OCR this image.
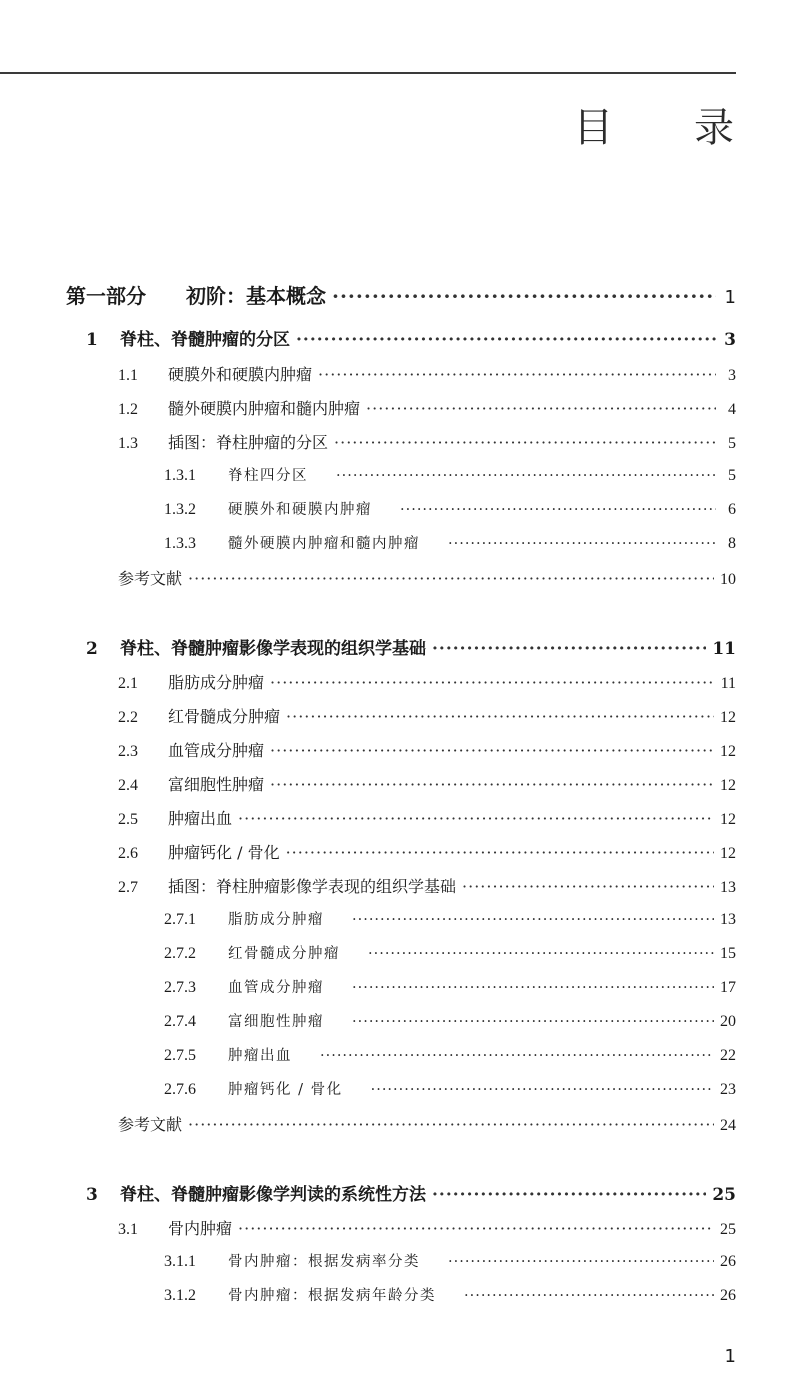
目 录
第一部分	初阶：基本概念 ·····	1
1	脊柱、脊髓肿瘤的分区 ·····	3
1.1	硬膜外和硬膜内肿瘤 ·····	3
1.2	髓外硬膜内肿瘤和髓内肿瘤 ·····	4
1.3	插图：脊柱肿瘤的分区 ·····	5
1.3.1	脊柱四分区 ·····	5
1.3.2	硬膜外和硬膜内肿瘤 ·····	6
1.3.3	髓外硬膜内肿瘤和髓内肿瘤 ·····	8
参考文献 ·····	10
2	脊柱、脊髓肿瘤影像学表现的组织学基础 ·····	11
2.1	脂肪成分肿瘤 ·····	11
2.2	红骨髓成分肿瘤 ·····	12
2.3	血管成分肿瘤 ·····	12
2.4	富细胞性肿瘤 ·····	12
2.5	肿瘤出血 ·····	12
2.6	肿瘤钙化 / 骨化 ·····	12
2.7	插图：脊柱肿瘤影像学表现的组织学基础 ·····	13
2.7.1	脂肪成分肿瘤 ·····	13
2.7.2	红骨髓成分肿瘤 ·····	15
2.7.3	血管成分肿瘤 ·····	17
2.7.4	富细胞性肿瘤 ·····	20
2.7.5	肿瘤出血 ·····	22
2.7.6	肿瘤钙化 / 骨化 ·····	23
参考文献 ·····	24
3	脊柱、脊髓肿瘤影像学判读的系统性方法 ·····	25
3.1	骨内肿瘤 ·····	25
3.1.1	骨内肿瘤：根据发病率分类 ·····	26
3.1.2	骨内肿瘤：根据发病年龄分类 ·····	26
1
